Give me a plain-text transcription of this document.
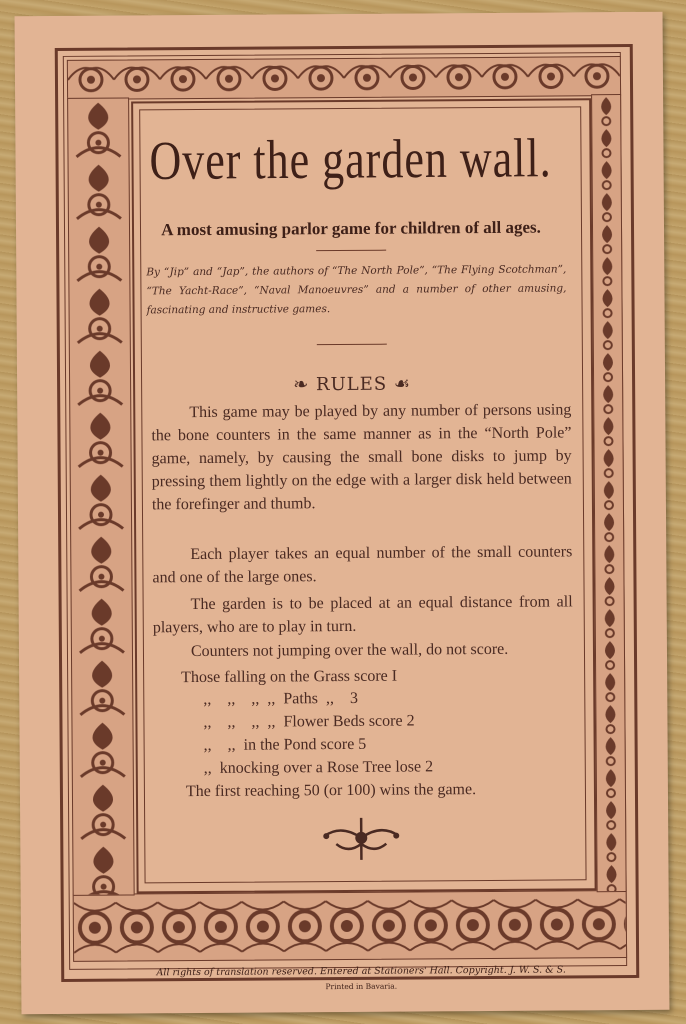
Over the garden wall.
A most amusing parlor game for children of all ages.
By “Jip” and “Jap”, the authors of “The North Pole”, “The Flying Scotchman”, “The Yacht-Race”, “Naval Manoeuvres” and a number of other amusing, fascinating and instructive games.
❧ RULES ☙
This game may be played by any number of persons using the bone counters in the same manner as in the “North Pole” game, namely, by causing the small bone disks to jump by pressing them lightly on the edge with a larger disk held between the forefinger and thumb.
Each player takes an equal number of the small counters and one of the large ones.
The garden is to be placed at an equal distance from all players, who are to play in turn.
Counters not jumping over the wall, do not score.
Those falling on the Grass score I
,,    ,,    ,,  ,,  Paths  ,,    3
,,    ,,    ,,  ,,  Flower Beds score 2
,,    ,,  in the Pond score 5
,,  knocking over a Rose Tree lose 2
The first reaching 50 (or 100) wins the game.
All rights of translation reserved. Entered at Stationers' Hall. Copyright. J. W. S. & S.
Printed in Bavaria.
